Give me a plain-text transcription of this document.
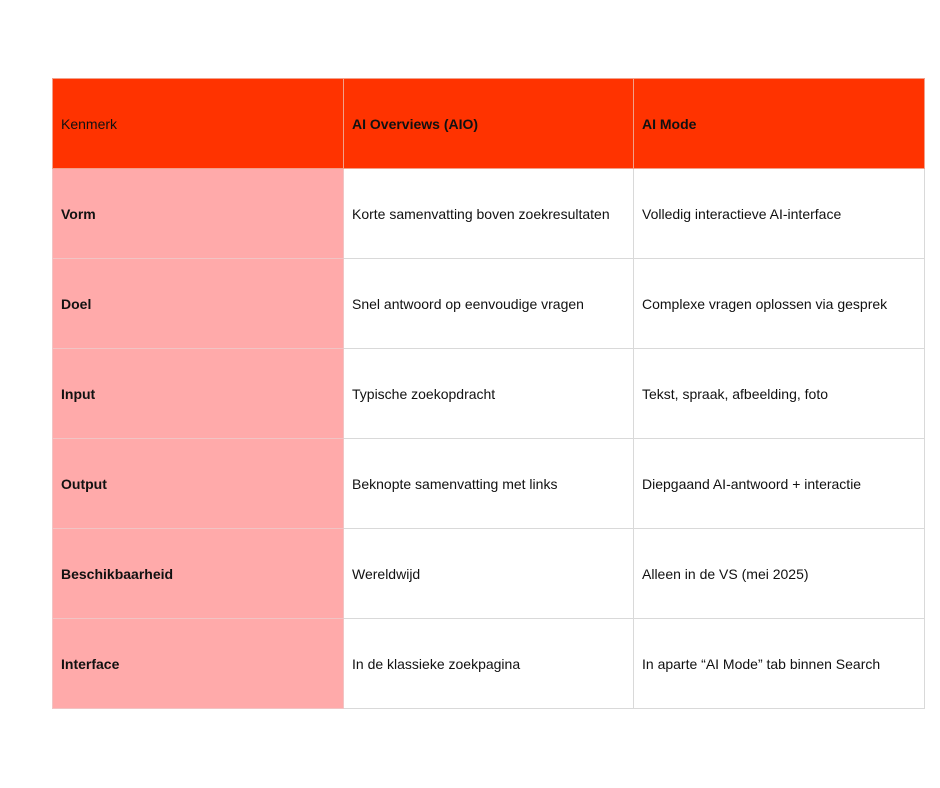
Kenmerk	AI Overviews (AIO)	AI Mode
Vorm	Korte samenvatting boven zoekresultaten	Volledig interactieve AI-interface
Doel	Snel antwoord op eenvoudige vragen	Complexe vragen oplossen via gesprek
Input	Typische zoekopdracht	Tekst, spraak, afbeelding, foto
Output	Beknopte samenvatting met links	Diepgaand AI-antwoord + interactie
Beschikbaarheid	Wereldwijd	Alleen in de VS (mei 2025)
Interface	In de klassieke zoekpagina	In aparte “AI Mode” tab binnen Search
